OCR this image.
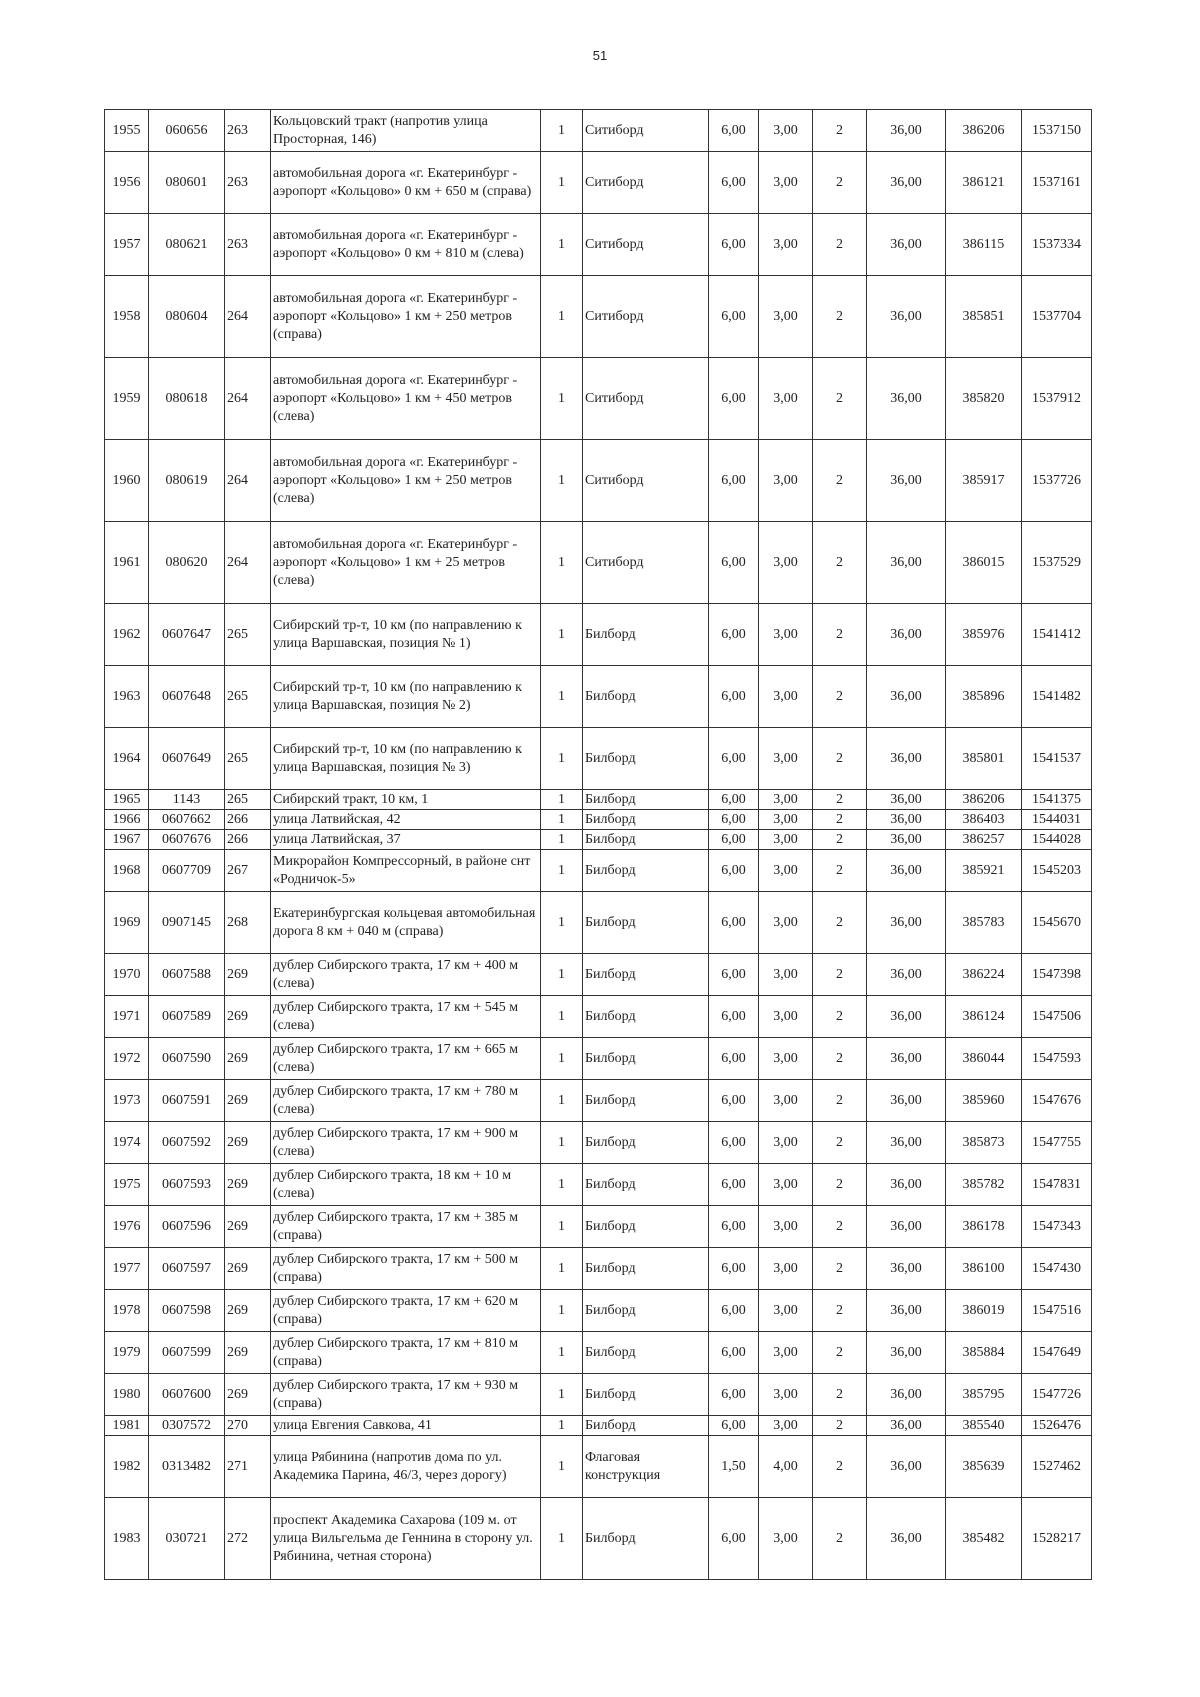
51
1955	060656	263	Кольцовский тракт (напротив улица Просторная, 146)	1	Ситиборд	6,00	3,00	2	36,00	386206	1537150
1956	080601	263	автомобильная дорога «г. Екатеринбург - аэропорт «Кольцово» 0 км + 650 м (справа)	1	Ситиборд	6,00	3,00	2	36,00	386121	1537161
1957	080621	263	автомобильная дорога «г. Екатеринбург - аэропорт «Кольцово» 0 км + 810 м (слева)	1	Ситиборд	6,00	3,00	2	36,00	386115	1537334
1958	080604	264	автомобильная дорога «г. Екатеринбург - аэропорт «Кольцово» 1 км + 250 метров (справа)	1	Ситиборд	6,00	3,00	2	36,00	385851	1537704
1959	080618	264	автомобильная дорога «г. Екатеринбург - аэропорт «Кольцово» 1 км + 450 метров (слева)	1	Ситиборд	6,00	3,00	2	36,00	385820	1537912
1960	080619	264	автомобильная дорога «г. Екатеринбург - аэропорт «Кольцово» 1 км + 250 метров (слева)	1	Ситиборд	6,00	3,00	2	36,00	385917	1537726
1961	080620	264	автомобильная дорога «г. Екатеринбург - аэропорт «Кольцово» 1 км + 25 метров (слева)	1	Ситиборд	6,00	3,00	2	36,00	386015	1537529
1962	0607647	265	Сибирский тр-т, 10 км (по направлению к улица Варшавская, позиция № 1)	1	Билборд	6,00	3,00	2	36,00	385976	1541412
1963	0607648	265	Сибирский тр-т, 10 км (по направлению к улица Варшавская, позиция № 2)	1	Билборд	6,00	3,00	2	36,00	385896	1541482
1964	0607649	265	Сибирский тр-т, 10 км (по направлению к улица Варшавская, позиция № 3)	1	Билборд	6,00	3,00	2	36,00	385801	1541537
1965	1143	265	Сибирский тракт, 10 км, 1	1	Билборд	6,00	3,00	2	36,00	386206	1541375
1966	0607662	266	улица Латвийская, 42	1	Билборд	6,00	3,00	2	36,00	386403	1544031
1967	0607676	266	улица Латвийская, 37	1	Билборд	6,00	3,00	2	36,00	386257	1544028
1968	0607709	267	Микрорайон Компрессорный, в районе снт «Родничок-5»	1	Билборд	6,00	3,00	2	36,00	385921	1545203
1969	0907145	268	Екатеринбургская кольцевая автомобильная дорога 8 км + 040 м (справа)	1	Билборд	6,00	3,00	2	36,00	385783	1545670
1970	0607588	269	дублер Сибирского тракта, 17 км + 400 м (слева)	1	Билборд	6,00	3,00	2	36,00	386224	1547398
1971	0607589	269	дублер Сибирского тракта, 17 км + 545 м (слева)	1	Билборд	6,00	3,00	2	36,00	386124	1547506
1972	0607590	269	дублер Сибирского тракта, 17 км + 665 м (слева)	1	Билборд	6,00	3,00	2	36,00	386044	1547593
1973	0607591	269	дублер Сибирского тракта, 17 км + 780 м (слева)	1	Билборд	6,00	3,00	2	36,00	385960	1547676
1974	0607592	269	дублер Сибирского тракта, 17 км + 900 м (слева)	1	Билборд	6,00	3,00	2	36,00	385873	1547755
1975	0607593	269	дублер Сибирского тракта, 18 км + 10 м (слева)	1	Билборд	6,00	3,00	2	36,00	385782	1547831
1976	0607596	269	дублер Сибирского тракта, 17 км + 385 м (справа)	1	Билборд	6,00	3,00	2	36,00	386178	1547343
1977	0607597	269	дублер Сибирского тракта, 17 км + 500 м (справа)	1	Билборд	6,00	3,00	2	36,00	386100	1547430
1978	0607598	269	дублер Сибирского тракта, 17 км + 620 м (справа)	1	Билборд	6,00	3,00	2	36,00	386019	1547516
1979	0607599	269	дублер Сибирского тракта, 17 км + 810 м (справа)	1	Билборд	6,00	3,00	2	36,00	385884	1547649
1980	0607600	269	дублер Сибирского тракта, 17 км + 930 м (справа)	1	Билборд	6,00	3,00	2	36,00	385795	1547726
1981	0307572	270	улица Евгения Савкова, 41	1	Билборд	6,00	3,00	2	36,00	385540	1526476
1982	0313482	271	улица Рябинина (напротив дома по ул. Академика Парина, 46/3, через дорогу)	1	Флаговая конструкция	1,50	4,00	2	36,00	385639	1527462
1983	030721	272	проспект Академика Сахарова (109 м. от улица Вильгельма де Геннина в сторону ул. Рябинина, четная сторона)	1	Билборд	6,00	3,00	2	36,00	385482	1528217
